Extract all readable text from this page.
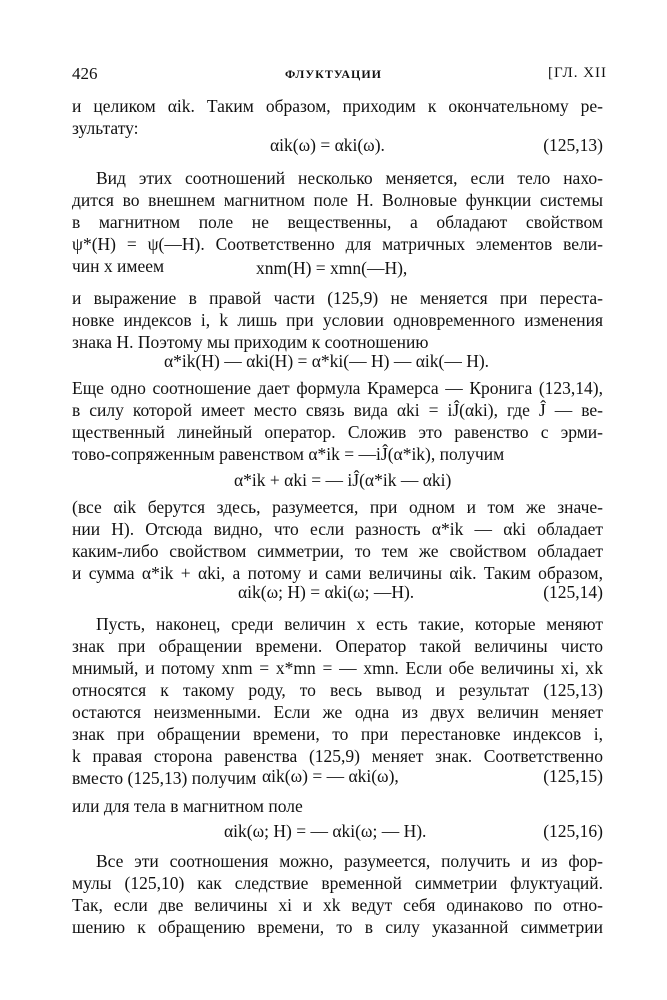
426	ФЛУКТУАЦИИ	[ГЛ. XII
и целиком αik. Таким образом, приходим к окончательному ре-
зультату:
αik(ω) = αki(ω).	(125,13)
Вид этих соотношений несколько меняется, если тело нахо-
дится во внешнем магнитном поле H. Волновые функции системы
в магнитном поле не вещественны, а обладают свойством
ψ*(H) = ψ(—H). Соответственно для матричных элементов вели-
чин x имеем	xnm(H) = xmn(—H),
и выражение в правой части (125,9) не меняется при переста-
новке индексов i, k лишь при условии одновременного изменения
знака H. Поэтому мы приходим к соотношению
α*ik(H) — αki(H) = α*ki(— H) — αik(— H).
Еще одно соотношение дает формула Крамерса — Кронига (123,14),
в силу которой имеет место связь вида αki = iĴ(αki), где Ĵ — ве-
щественный линейный оператор. Сложив это равенство с эрми-
тово-сопряженным равенством α*ik = —iĴ(α*ik), получим
α*ik + αki = — iĴ(α*ik — αki)
(все αik берутся здесь, разумеется, при одном и том же значе-
нии H). Отсюда видно, что если разность α*ik — αki обладает
каким-либо свойством симметрии, то тем же свойством обладает
и сумма α*ik + αki, а потому и сами величины αik. Таким образом,
αik(ω; H) = αki(ω; —H).	(125,14)
Пусть, наконец, среди величин x есть такие, которые меняют
знак при обращении времени. Оператор такой величины чисто
мнимый, и потому xnm = x*mn = — xmn. Если обе величины xi, xk
относятся к такому роду, то весь вывод и результат (125,13)
остаются неизменными. Если же одна из двух величин меняет
знак при обращении времени, то при перестановке индексов i,
k правая сторона равенства (125,9) меняет знак. Соответственно
вместо (125,13) получим αik(ω) = — αki(ω),	(125,15)
или для тела в магнитном поле
αik(ω; H) = — αki(ω; — H).	(125,16)
Все эти соотношения можно, разумеется, получить и из фор-
мулы (125,10) как следствие временной симметрии флуктуаций.
Так, если две величины xi и xk ведут себя одинаково по отно-
шению к обращению времени, то в силу указанной симметрии
